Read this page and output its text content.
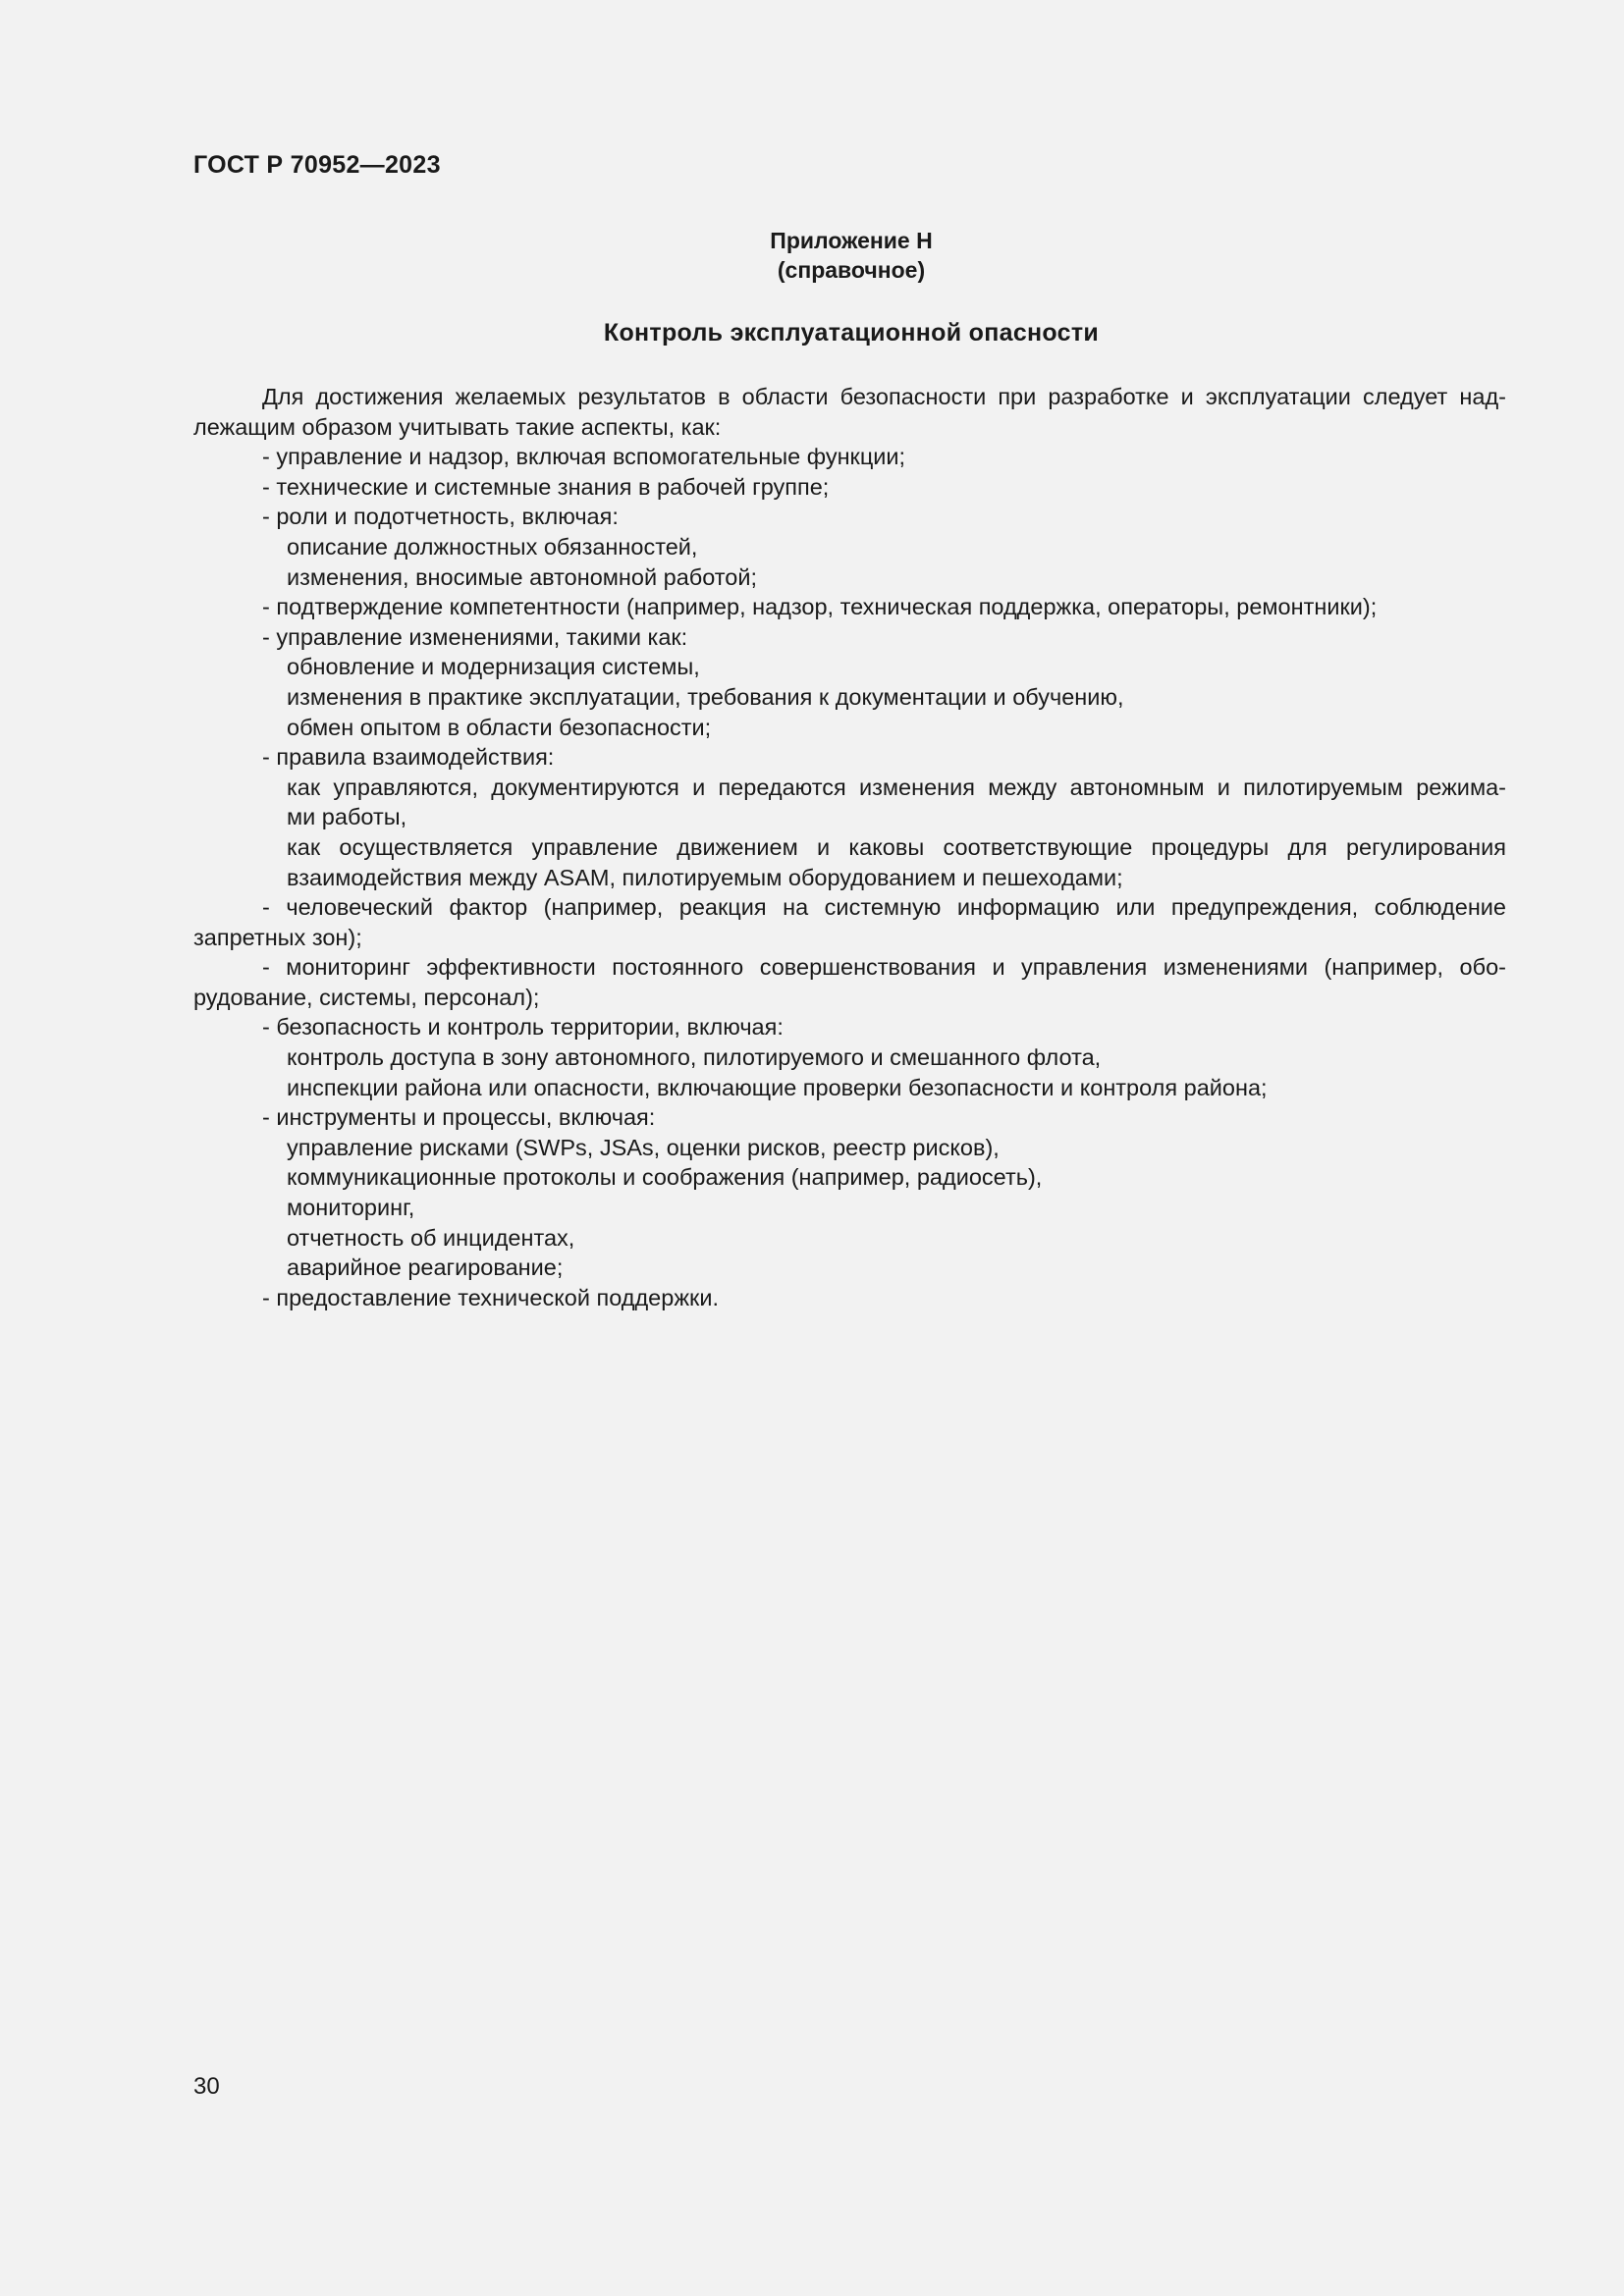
ГОСТ Р 70952—2023
Приложение Н
(справочное)
Контроль эксплуатационной опасности

Для достижения желаемых результатов в области безопасности при разработке и эксплуатации следует над-

лежащим образом учитывать такие аспекты, как:

- управление и надзор, включая вспомогательные функции;

- технические и системные знания в рабочей группе;

- роли и подотчетность, включая:

описание должностных обязанностей,

изменения, вносимые автономной работой;

- подтверждение компетентности (например, надзор, техническая поддержка, операторы, ремонтники);

- управление изменениями, такими как:

обновление и модернизация системы,

изменения в практике эксплуатации, требования к документации и обучению,

обмен опытом в области безопасности;

- правила взаимодействия:

как управляются, документируются и передаются изменения между автономным и пилотируемым режима-

ми работы,

как осуществляется управление движением и каковы соответствующие процедуры для регулирования

взаимодействия между ASAM, пилотируемым оборудованием и пешеходами;

- человеческий фактор (например, реакция на системную информацию или предупреждения, соблюдение

запретных зон);

- мониторинг эффективности постоянного совершенствования и управления изменениями (например, обо-

рудование, системы, персонал);

- безопасность и контроль территории, включая:

контроль доступа в зону автономного, пилотируемого и смешанного флота,

инспекции района или опасности, включающие проверки безопасности и контроля района;

- инструменты и процессы, включая:

управление рисками (SWPs, JSAs, оценки рисков, реестр рисков),

коммуникационные протоколы и соображения (например, радиосеть),

мониторинг,

отчетность об инцидентах,

аварийное реагирование;

- предоставление технической поддержки.

30
